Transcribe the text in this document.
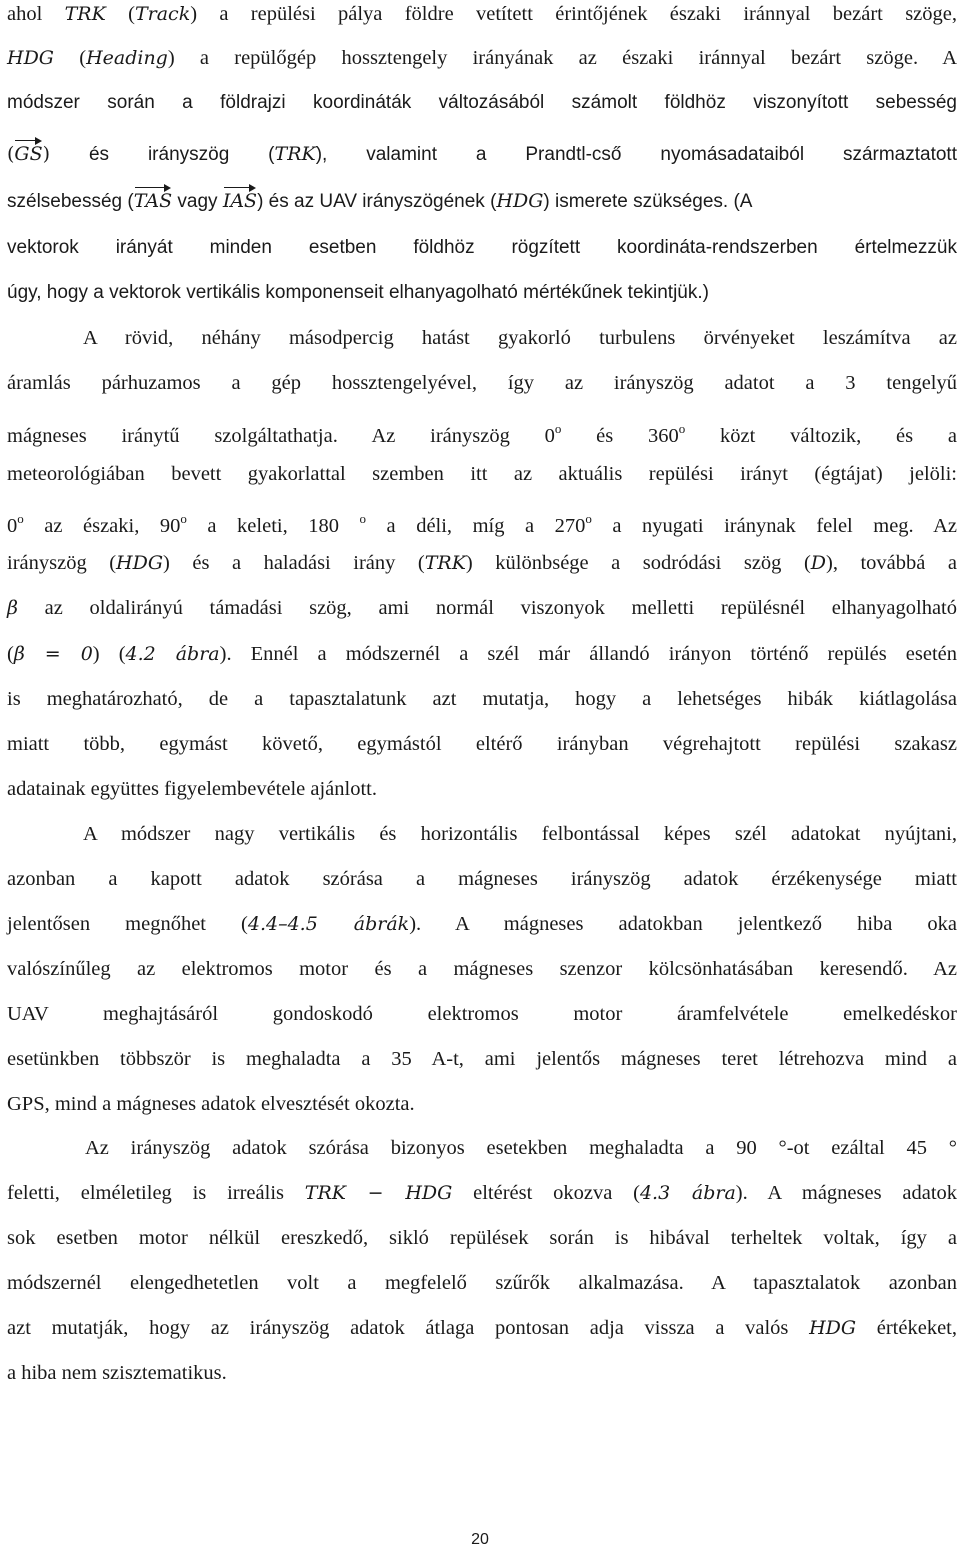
ahol TRK (Track) a repülési pálya földre vetített érintőjének északi iránnyal bezárt szöge,
HDG (Heading) a repülőgép hossztengely irányának az északi iránnyal bezárt szöge. A
módszer során a földrajzi koordináták változásából számolt földhöz viszonyított sebesség
(GS) és irányszög (TRK), valamint a Prandtl-cső nyomásadataiból származtatott
szélsebesség (TAS vagy IAS) és az UAV irányszögének (HDG) ismerete szükséges. (A
vektorok irányát minden esetben földhöz rögzített koordináta-rendszerben értelmezzük
úgy, hogy a vektorok vertikális komponenseit elhanyagolható mértékűnek tekintjük.)
A rövid, néhány másodpercig hatást gyakorló turbulens örvényeket leszámítva az
áramlás párhuzamos a gép hossztengelyével, így az irányszög adatot a 3 tengelyű
mágneses iránytű szolgáltathatja. Az irányszög 0$^o$ és 360$^o$ közt változik, és a
meteorológiában bevett gyakorlattal szemben itt az aktuális repülési irányt (égtájat) jelöli:
0$^o$ az északi, 90$^o$ a keleti, 180 $^o$ a déli, míg a 270$^o$ a nyugati iránynak felel meg. Az
irányszög (HDG) és a haladási irány (TRK) különbsége a sodródási szög (D), továbbá a
β az oldalirányú támadási szög, ami normál viszonyok melletti repülésnél elhanyagolható
(β = 0) (4.2 ábra). Ennél a módszernél a szél már állandó irányon történő repülés esetén
is meghatározható, de a tapasztalatunk azt mutatja, hogy a lehetséges hibák kiátlagolása
miatt több, egymást követő, egymástól eltérő irányban végrehajtott repülési szakasz
adatainak együttes figyelembevétele ajánlott.
A módszer nagy vertikális és horizontális felbontással képes szél adatokat nyújtani,
azonban a kapott adatok szórása a mágneses irányszög adatok érzékenysége miatt
jelentősen megnőhet (4.4–4.5 ábrák). A mágneses adatokban jelentkező hiba oka
valószínűleg az elektromos motor és a mágneses szenzor kölcsönhatásában keresendő. Az
UAV meghajtásáról gondoskodó elektromos motor áramfelvétele emelkedéskor
esetünkben többször is meghaladta a 35 A-t, ami jelentős mágneses teret létrehozva mind a
GPS, mind a mágneses adatok elvesztését okozta.
Az irányszög adatok szórása bizonyos esetekben meghaladta a 90 °-ot ezáltal 45 °
feletti, elméletileg is irreális TRK − HDG eltérést okozva (4.3 ábra). A mágneses adatok
sok esetben motor nélkül ereszkedő, sikló repülések során is hibával terheltek voltak, így a
módszernél elengedhetetlen volt a megfelelő szűrők alkalmazása. A tapasztalatok azonban
azt mutatják, hogy az irányszög adatok átlaga pontosan adja vissza a valós HDG értékeket,
a hiba nem szisztematikus.
20
